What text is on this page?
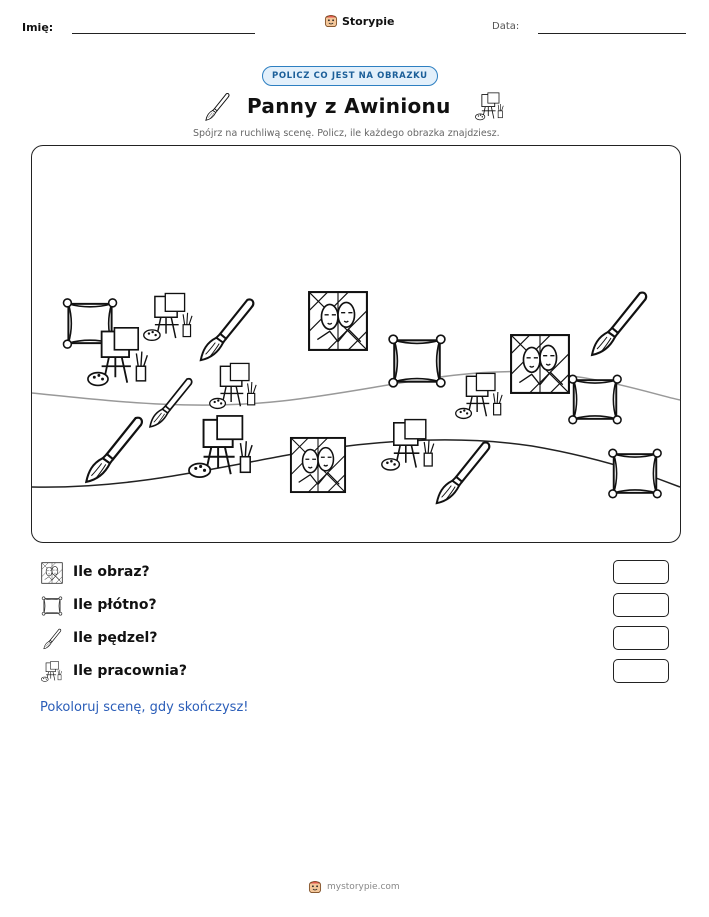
Imię:	Storypie	Data:
POLICZ CO JEST NA OBRAZKU
Panny z Awinionu
Spójrz na ruchliwą scenę. Policz, ile każdego obrazka znajdziesz.
Ile obraz?
Ile płótno?
Ile pędzel?
Ile pracownia?
Pokoloruj scenę, gdy skończysz!
mystorypie.com
